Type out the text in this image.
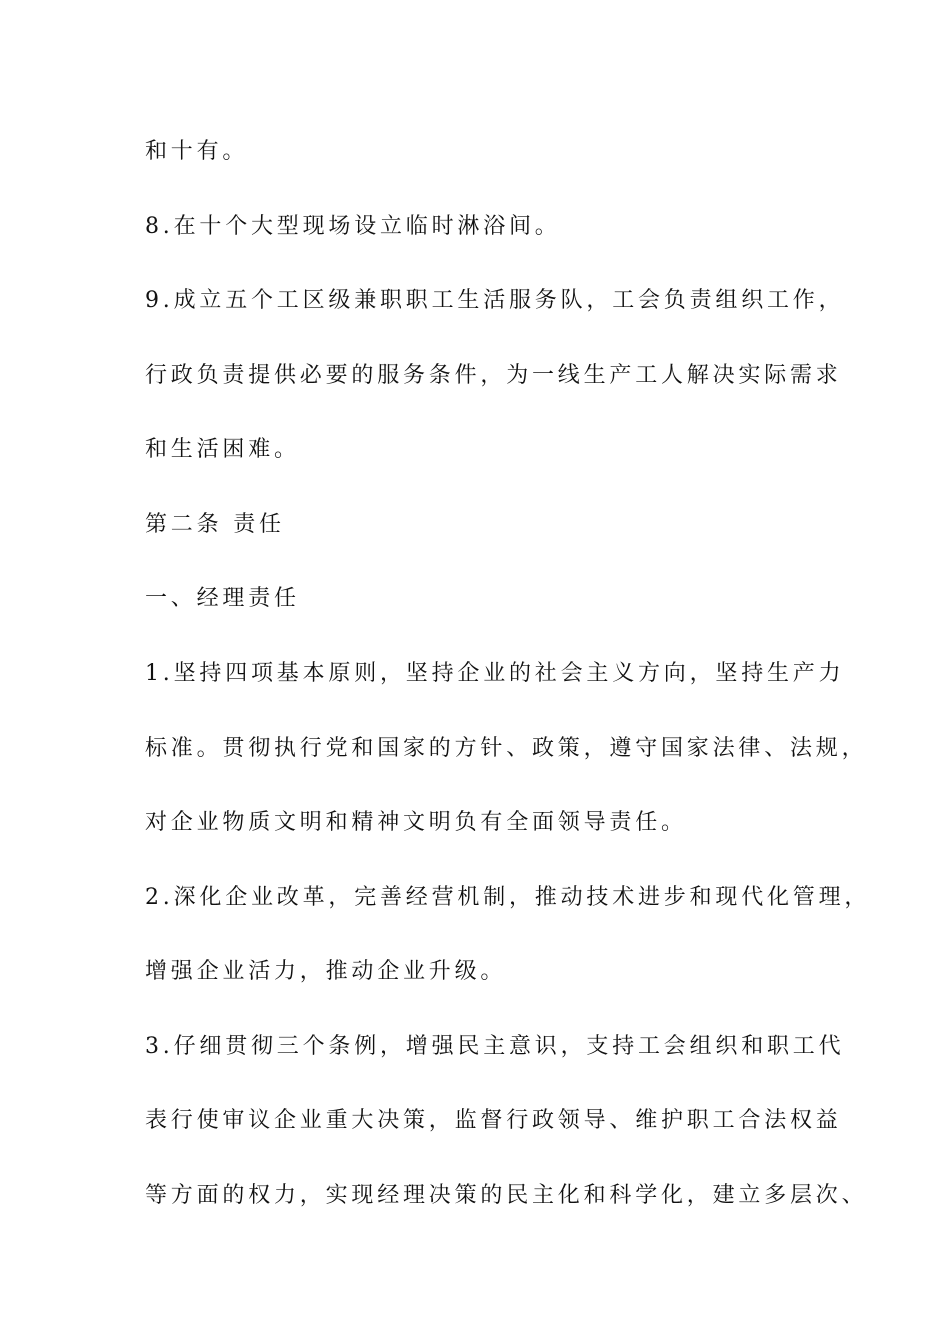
和十有。
8.在十个大型现场设立临时淋浴间。
9.成立五个工区级兼职职工生活服务队，工会负责组织工作，
行政负责提供必要的服务条件，为一线生产工人解决实际需求
和生活困难。
第二条 责任
一、经理责任
1.坚持四项基本原则，坚持企业的社会主义方向，坚持生产力
标准。贯彻执行党和国家的方针、政策，遵守国家法律、法规，
对企业物质文明和精神文明负有全面领导责任。
2.深化企业改革，完善经营机制，推动技术进步和现代化管理，
增强企业活力，推动企业升级。
3.仔细贯彻三个条例，增强民主意识，支持工会组织和职工代
表行使审议企业重大决策，监督行政领导、维护职工合法权益
等方面的权力，实现经理决策的民主化和科学化，建立多层次、
